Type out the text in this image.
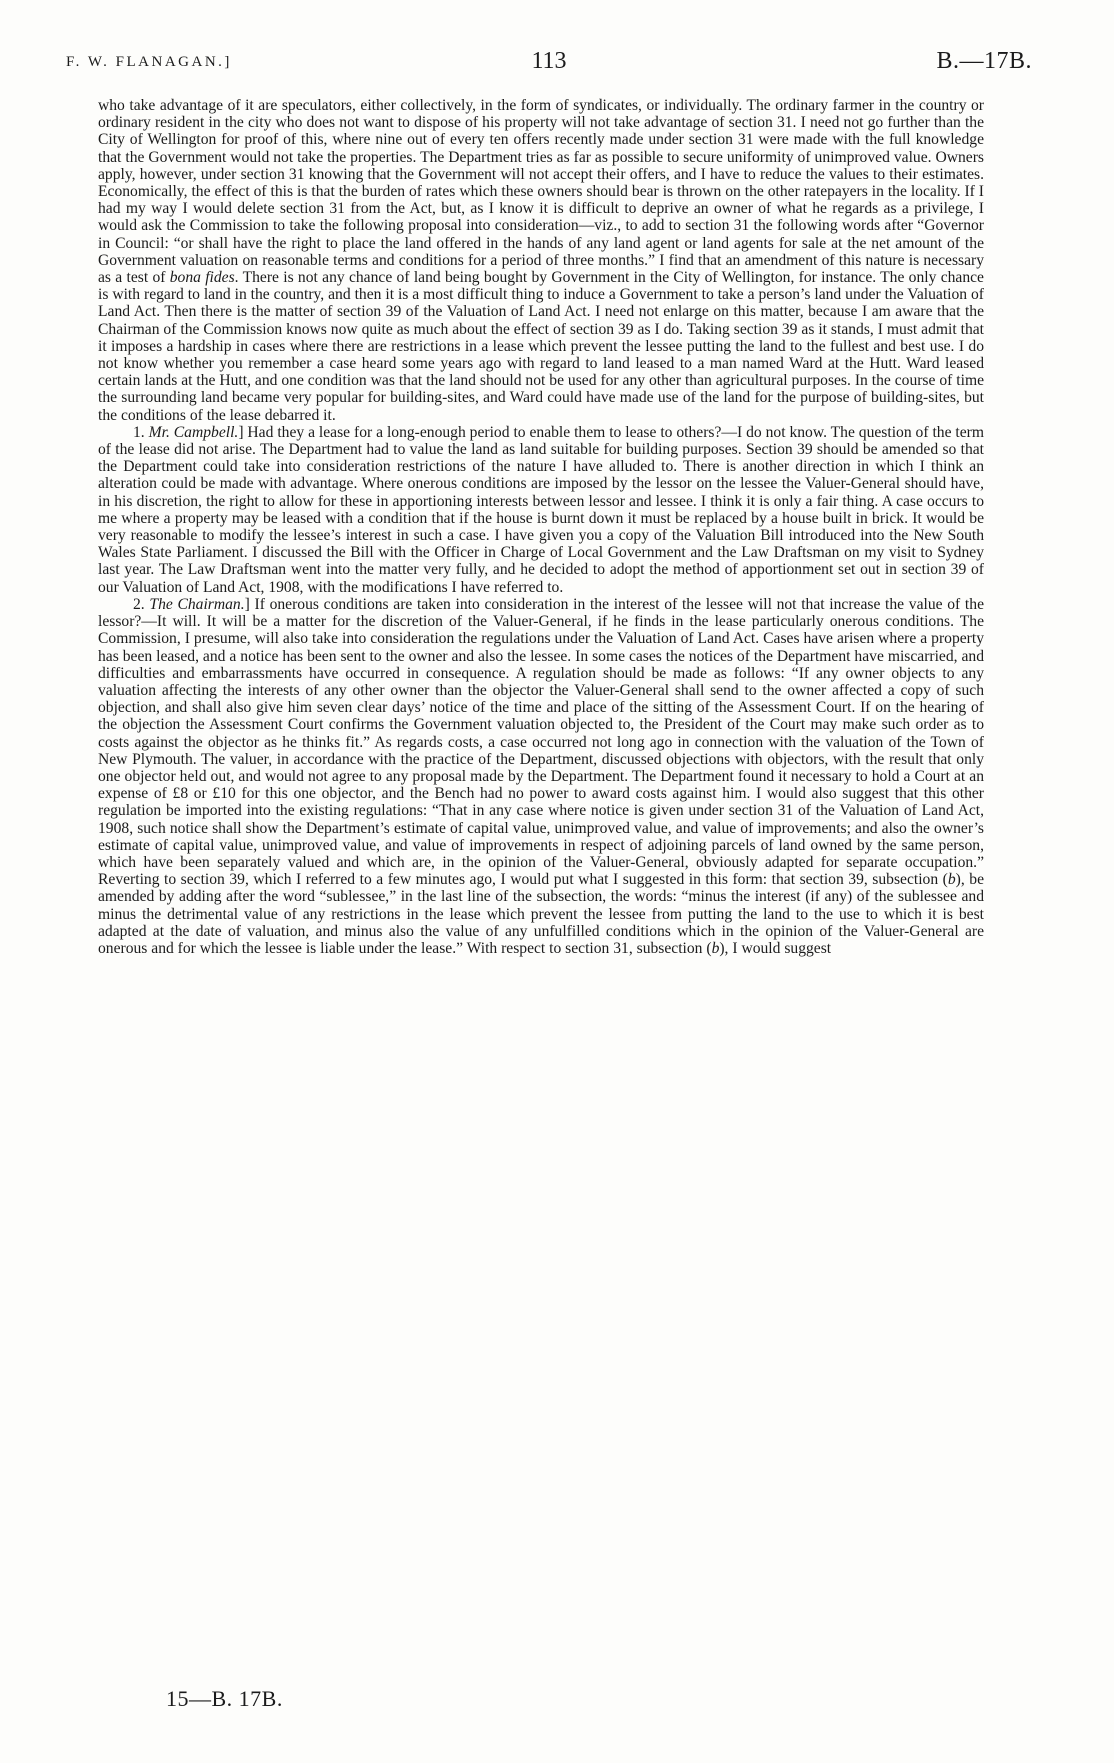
F. W. FLANAGAN.]	113	B.—17B.

who take advantage of it are speculators, either collectively, in the form of syndicates, or individually. The ordinary farmer in the country or ordinary resident in the city who does not want to dispose of his property will not take advantage of section 31. I need not go further than the City of Wellington for proof of this, where nine out of every ten offers recently made under section 31 were made with the full knowledge that the Government would not take the properties. The Department tries as far as possible to secure uniformity of unimproved value. Owners apply, however, under section 31 knowing that the Government will not accept their offers, and I have to reduce the values to their estimates. Economically, the effect of this is that the burden of rates which these owners should bear is thrown on the other ratepayers in the locality. If I had my way I would delete section 31 from the Act, but, as I know it is difficult to deprive an owner of what he regards as a privilege, I would ask the Commission to take the following proposal into consideration—viz., to add to section 31 the following words after “Governor in Council: “or shall have the right to place the land offered in the hands of any land agent or land agents for sale at the net amount of the Government valuation on reasonable terms and conditions for a period of three months.” I find that an amendment of this nature is necessary as a test of bona fides. There is not any chance of land being bought by Government in the City of Wellington, for instance. The only chance is with regard to land in the country, and then it is a most difficult thing to induce a Government to take a person’s land under the Valuation of Land Act. Then there is the matter of section 39 of the Valuation of Land Act. I need not enlarge on this matter, because I am aware that the Chairman of the Commission knows now quite as much about the effect of section 39 as I do. Taking section 39 as it stands, I must admit that it imposes a hardship in cases where there are restrictions in a lease which prevent the lessee putting the land to the fullest and best use. I do not know whether you remember a case heard some years ago with regard to land leased to a man named Ward at the Hutt. Ward leased certain lands at the Hutt, and one condition was that the land should not be used for any other than agricultural purposes. In the course of time the surrounding land became very popular for building-sites, and Ward could have made use of the land for the purpose of building-sites, but the conditions of the lease debarred it.

1. Mr. Campbell.] Had they a lease for a long-enough period to enable them to lease to others?—I do not know. The question of the term of the lease did not arise. The Department had to value the land as land suitable for building purposes. Section 39 should be amended so that the Department could take into consideration restrictions of the nature I have alluded to. There is another direction in which I think an alteration could be made with advantage. Where onerous conditions are imposed by the lessor on the lessee the Valuer-General should have, in his discretion, the right to allow for these in apportioning interests between lessor and lessee. I think it is only a fair thing. A case occurs to me where a property may be leased with a condition that if the house is burnt down it must be replaced by a house built in brick. It would be very reasonable to modify the lessee’s interest in such a case. I have given you a copy of the Valuation Bill introduced into the New South Wales State Parliament. I discussed the Bill with the Officer in Charge of Local Government and the Law Draftsman on my visit to Sydney last year. The Law Draftsman went into the matter very fully, and he decided to adopt the method of apportionment set out in section 39 of our Valuation of Land Act, 1908, with the modifications I have referred to.

2. The Chairman.] If onerous conditions are taken into consideration in the interest of the lessee will not that increase the value of the lessor?—It will. It will be a matter for the discretion of the Valuer-General, if he finds in the lease particularly onerous conditions. The Commission, I presume, will also take into consideration the regulations under the Valuation of Land Act. Cases have arisen where a property has been leased, and a notice has been sent to the owner and also the lessee. In some cases the notices of the Department have miscarried, and difficulties and embarrassments have occurred in consequence. A regulation should be made as follows: “If any owner objects to any valuation affecting the interests of any other owner than the objector the Valuer-General shall send to the owner affected a copy of such objection, and shall also give him seven clear days’ notice of the time and place of the sitting of the Assessment Court. If on the hearing of the objection the Assessment Court confirms the Government valuation objected to, the President of the Court may make such order as to costs against the objector as he thinks fit.” As regards costs, a case occurred not long ago in connection with the valuation of the Town of New Plymouth. The valuer, in accordance with the practice of the Department, discussed objections with objectors, with the result that only one objector held out, and would not agree to any proposal made by the Department. The Department found it necessary to hold a Court at an expense of £8 or £10 for this one objector, and the Bench had no power to award costs against him. I would also suggest that this other regulation be imported into the existing regulations: “That in any case where notice is given under section 31 of the Valuation of Land Act, 1908, such notice shall show the Department’s estimate of capital value, unimproved value, and value of improvements; and also the owner’s estimate of capital value, unimproved value, and value of improvements in respect of adjoining parcels of land owned by the same person, which have been separately valued and which are, in the opinion of the Valuer-General, obviously adapted for separate occupation.” Reverting to section 39, which I referred to a few minutes ago, I would put what I suggested in this form: that section 39, subsection (b), be amended by adding after the word “sublessee,” in the last line of the subsection, the words: “minus the interest (if any) of the sublessee and minus the detrimental value of any restrictions in the lease which prevent the lessee from putting the land to the use to which it is best adapted at the date of valuation, and minus also the value of any unfulfilled conditions which in the opinion of the Valuer-General are onerous and for which the lessee is liable under the lease.” With respect to section 31, subsection (b), I would suggest

15—B. 17B.
